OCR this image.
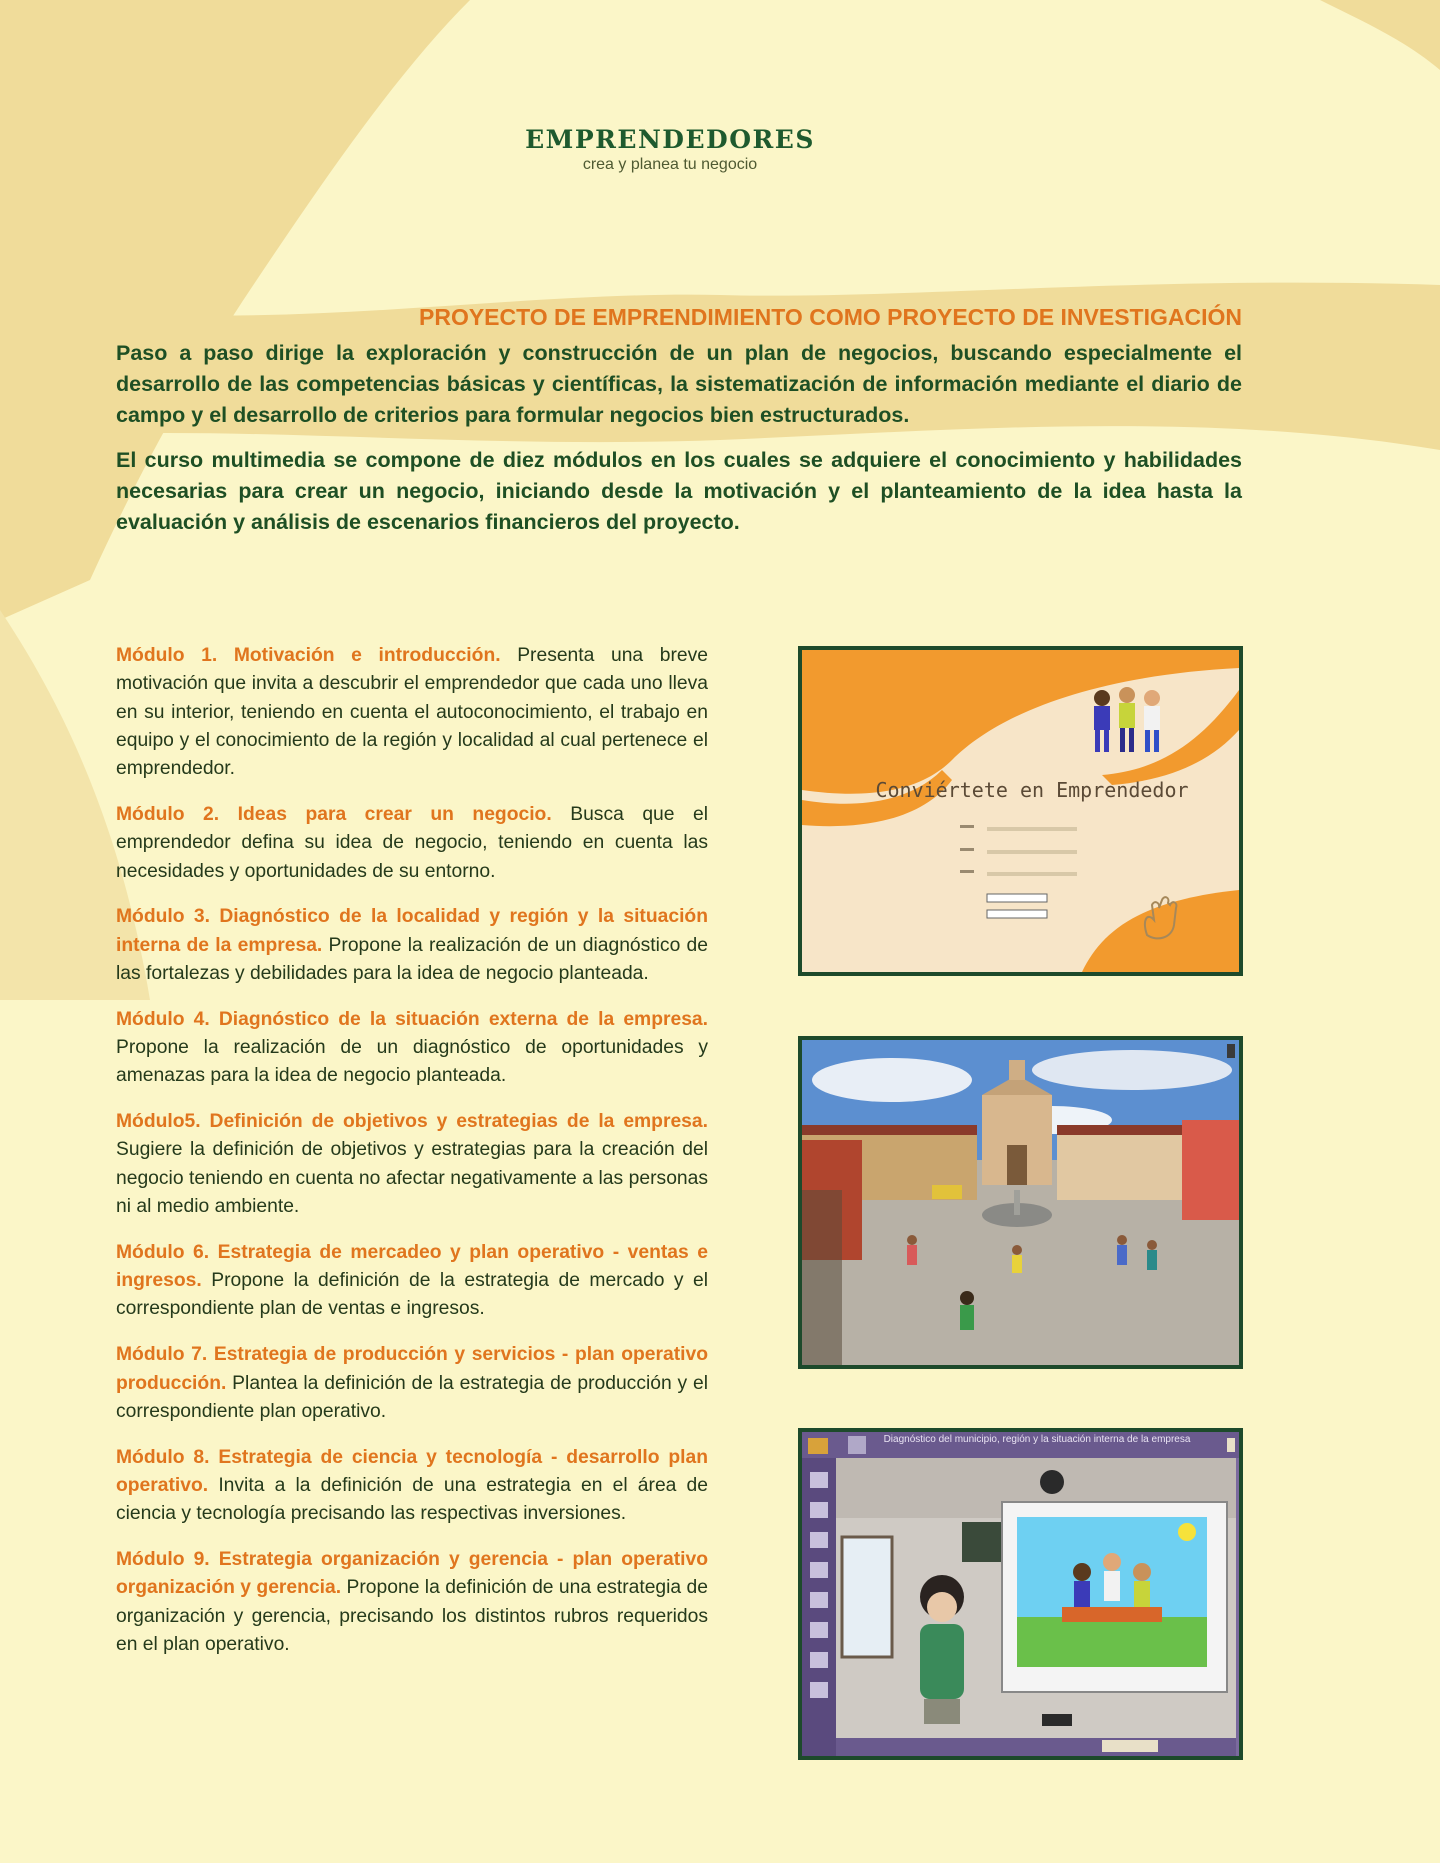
EMPRENDEDORES
crea y planea tu negocio
PROYECTO DE EMPRENDIMIENTO COMO PROYECTO DE INVESTIGACIÓN

Paso a paso dirige la exploración y construcción de un plan de negocios, buscando especialmente el desarrollo de las competencias básicas y científicas, la sistematización de información mediante el diario de campo y el desarrollo de criterios para formular negocios bien estructurados.

El curso multimedia se compone de diez módulos en los cuales se adquiere el conocimiento y habilidades necesarias para crear un negocio, iniciando desde la motivación y el planteamiento de la idea hasta la evaluación y análisis de escenarios financieros del proyecto.

Módulo 1. Motivación e introducción. Presenta una breve motivación que invita a descubrir el emprendedor que cada uno lleva en su interior, teniendo en cuenta el autoconocimiento, el trabajo en equipo y el conocimiento de la región y localidad al cual pertenece el emprendedor.

Módulo 2. Ideas para crear un negocio. Busca que el emprendedor defina su idea de negocio, teniendo en cuenta las necesidades y oportunidades de su entorno.

Módulo 3. Diagnóstico de la localidad y región y la situación interna de la empresa. Propone la realización de un diagnóstico de las fortalezas y debilidades para la idea de negocio planteada.

Módulo 4. Diagnóstico de la situación externa de la empresa. Propone la realización de un diagnóstico de oportunidades y amenazas para la idea de negocio planteada.

Módulo5. Definición de objetivos y estrategias de la empresa. Sugiere la definición de objetivos y estrategias para la creación del negocio teniendo en cuenta no afectar negativamente a las personas ni al medio ambiente.

Módulo 6. Estrategia de mercadeo y plan operativo - ventas e ingresos. Propone la definición de la estrategia de mercado y el correspondiente plan de ventas e ingresos.

Módulo 7. Estrategia de producción y servicios - plan operativo producción. Plantea la definición de la estrategia de producción y el correspondiente plan operativo.

Módulo 8. Estrategia de ciencia y tecnología - desarrollo plan operativo. Invita a la definición de una estrategia en el área de ciencia y tecnología precisando las respectivas inversiones.

Módulo 9. Estrategia organización y gerencia - plan operativo organización y gerencia. Propone la definición de una estrategia de organización y gerencia, precisando los distintos rubros requeridos en el plan operativo.

Conviértete en Emprendedor
Diagnóstico del municipio, región y la situación interna de la empresa
